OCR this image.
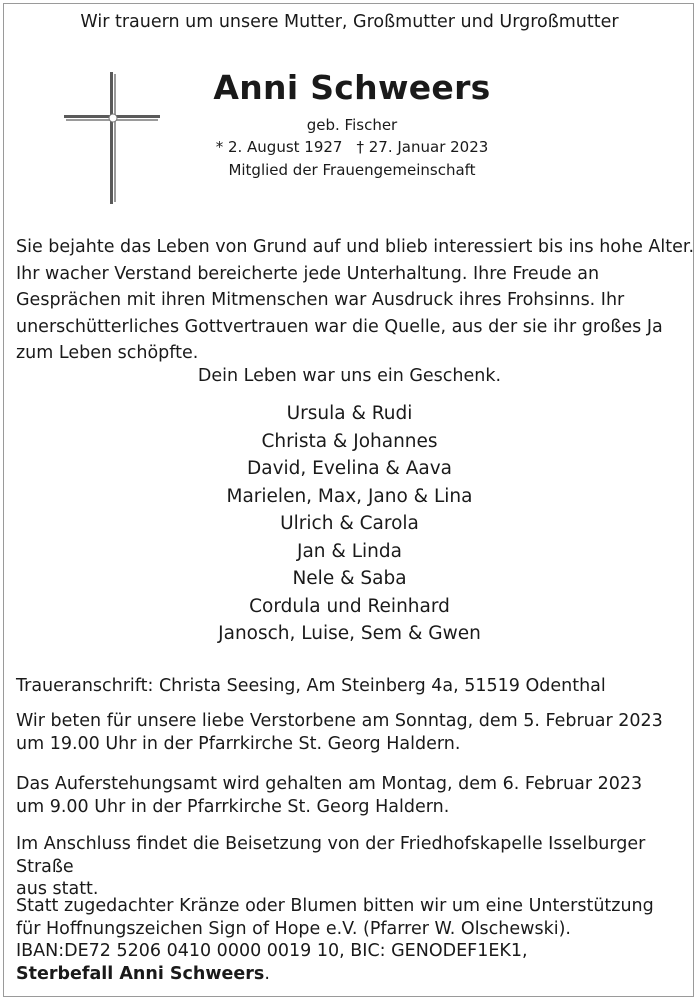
Wir trauern um unsere Mutter, Großmutter und Urgroßmutter

Anni Schweers

geb. Fischer

* 2. August 1927 † 27. Januar 2023

Mitglied der Frauengemeinschaft

Sie bejahte das Leben von Grund auf und blieb interessiert bis ins hohe Alter. Ihr wacher Verstand bereicherte jede Unterhaltung. Ihre Freude an Gesprächen mit ihren Mitmenschen war Ausdruck ihres Frohsinns. Ihr unerschütterliches Gottvertrauen war die Quelle, aus der sie ihr großes Ja zum Leben schöpfte.

Dein Leben war uns ein Geschenk.

Ursula & Rudi
Christa & Johannes
David, Evelina & Aava
Marielen, Max, Jano & Lina
Ulrich & Carola
Jan & Linda
Nele & Saba
Cordula und Reinhard
Janosch, Luise, Sem & Gwen

Traueranschrift: Christa Seesing, Am Steinberg 4a, 51519 Odenthal

Wir beten für unsere liebe Verstorbene am Sonntag, dem 5. Februar 2023
um 19.00 Uhr in der Pfarrkirche St. Georg Haldern.
Das Auferstehungsamt wird gehalten am Montag, dem 6. Februar 2023
um 9.00 Uhr in der Pfarrkirche St. Georg Haldern.
Im Anschluss findet die Beisetzung von der Friedhofskapelle Isselburger Straße
aus statt.
Statt zugedachter Kränze oder Blumen bitten wir um eine Unterstützung
für Hoffnungszeichen Sign of Hope e.V. (Pfarrer W. Olschewski).
IBAN:DE72 5206 0410 0000 0019 10, BIC: GENODEF1EK1,
Sterbefall Anni Schweers.
